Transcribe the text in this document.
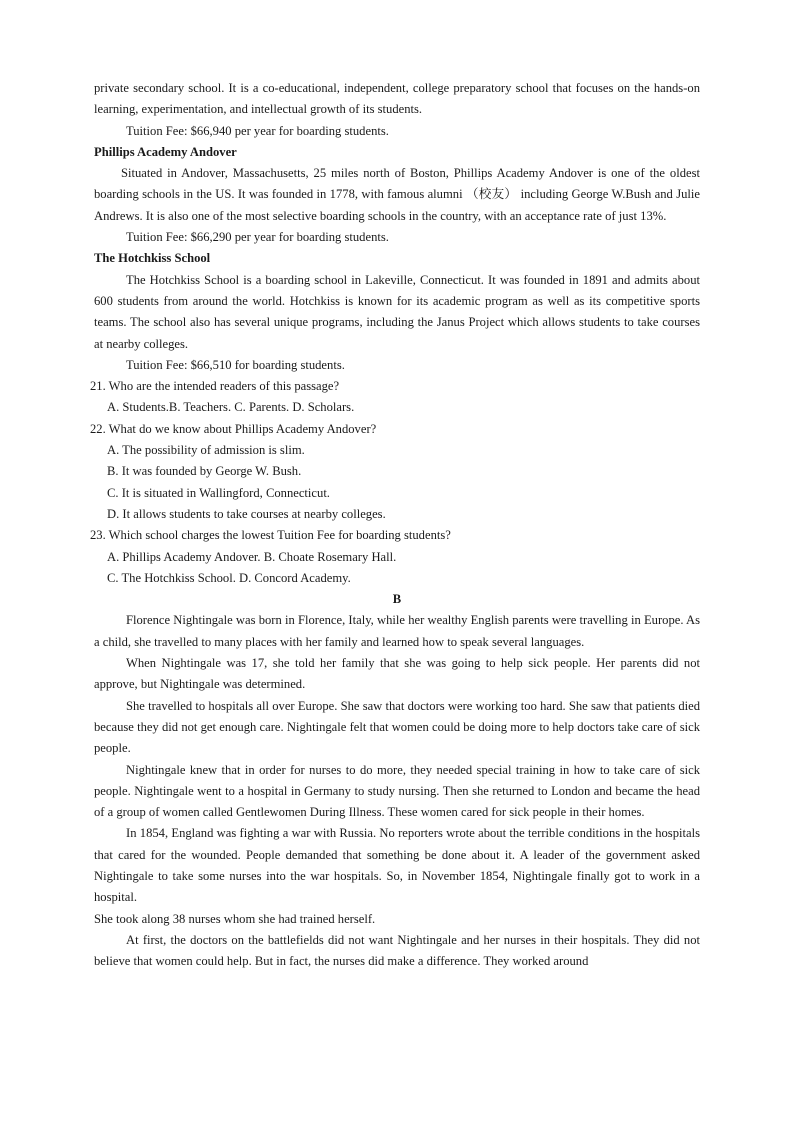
private secondary school. It is a co-educational, independent, college preparatory school that focuses on the hands-on learning, experimentation, and intellectual growth of its students.

Tuition Fee: $66,940 per year for boarding students.

Phillips Academy Andover

Situated in Andover, Massachusetts, 25 miles north of Boston, Phillips Academy Andover is one of the oldest boarding schools in the US. It was founded in 1778, with famous alumni （校友） including George W.Bush and Julie Andrews. It is also one of the most selective boarding schools in the country, with an acceptance rate of just 13%.

Tuition Fee: $66,290 per year for boarding students.

The Hotchkiss School

The Hotchkiss School is a boarding school in Lakeville, Connecticut. It was founded in 1891 and admits about 600 students from around the world. Hotchkiss is known for its academic program as well as its competitive sports teams. The school also has several unique programs, including the Janus Project which allows students to take courses at nearby colleges.

Tuition Fee: $66,510 for boarding students.

21. Who are the intended readers of this passage?

A. Students.B. Teachers. C. Parents. D. Scholars.

22. What do we know about Phillips Academy Andover?

A. The possibility of admission is slim.

B. It was founded by George W. Bush.

C. It is situated in Wallingford, Connecticut.

D. It allows students to take courses at nearby colleges.

23. Which school charges the lowest Tuition Fee for boarding students?

A. Phillips Academy Andover. B. Choate Rosemary Hall.

C. The Hotchkiss School. D. Concord Academy.

B

Florence Nightingale was born in Florence, Italy, while her wealthy English parents were travelling in Europe. As a child, she travelled to many places with her family and learned how to speak several languages.

When Nightingale was 17, she told her family that she was going to help sick people. Her parents did not approve, but Nightingale was determined.

She travelled to hospitals all over Europe. She saw that doctors were working too hard. She saw that patients died because they did not get enough care. Nightingale felt that women could be doing more to help doctors take care of sick people.

Nightingale knew that in order for nurses to do more, they needed special training in how to take care of sick people. Nightingale went to a hospital in Germany to study nursing. Then she returned to London and became the head of a group of women called Gentlewomen During Illness. These women cared for sick people in their homes.

In 1854, England was fighting a war with Russia. No reporters wrote about the terrible conditions in the hospitals that cared for the wounded. People demanded that something be done about it. A leader of the government asked Nightingale to take some nurses into the war hospitals. So, in November 1854, Nightingale finally got to work in a hospital.

She took along 38 nurses whom she had trained herself.

At first, the doctors on the battlefields did not want Nightingale and her nurses in their hospitals. They did not believe that women could help. But in fact, the nurses did make a difference. They worked around
